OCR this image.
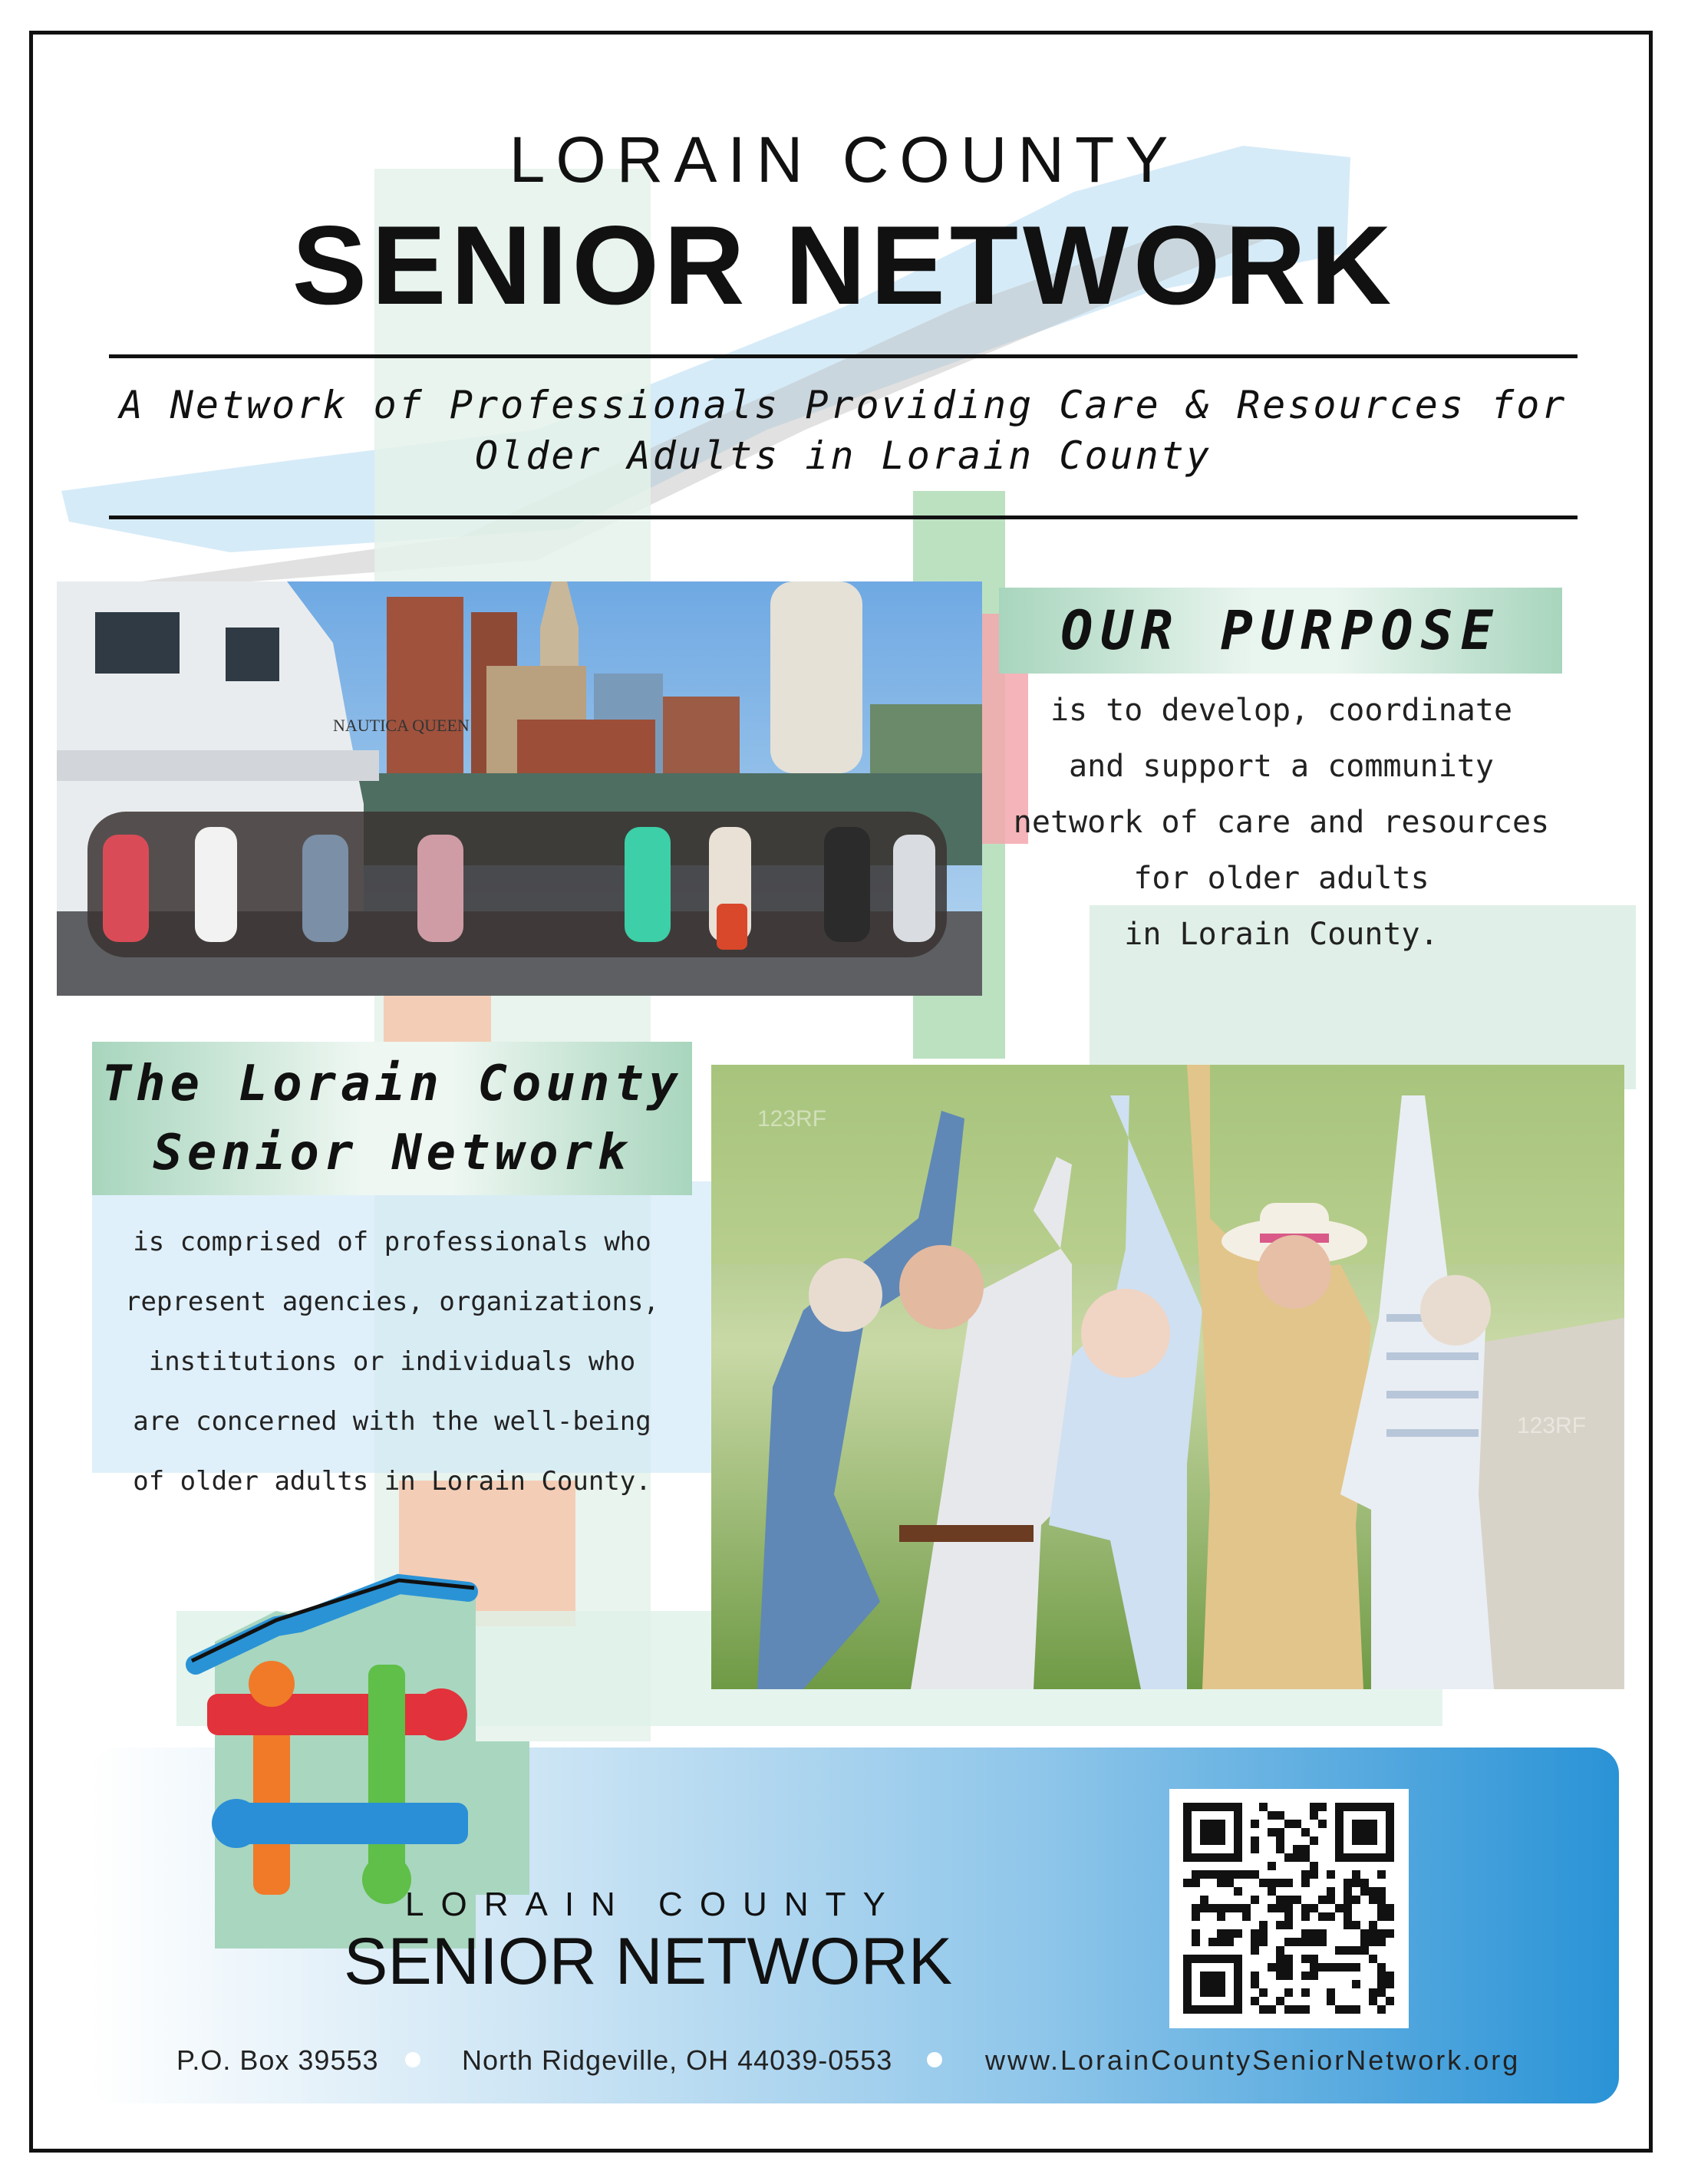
LORAIN COUNTY
SENIOR NETWORK
A Network of Professionals Providing Care & Resources for
Older Adults in Lorain County
NAUTICA QUEEN
OUR PURPOSE
is to develop, coordinate
and support a community
network of care and resources
for older adults
in Lorain County.
The Lorain County
Senior Network
is comprised of professionals who
represent agencies, organizations,
institutions or individuals who
are concerned with the well-being
of older adults in Lorain County.
123RF
123RF
LORAIN COUNTY
SENIOR NETWORK
P.O. Box 39553	North Ridgeville, OH 44039-0553	www.LorainCountySeniorNetwork.org
